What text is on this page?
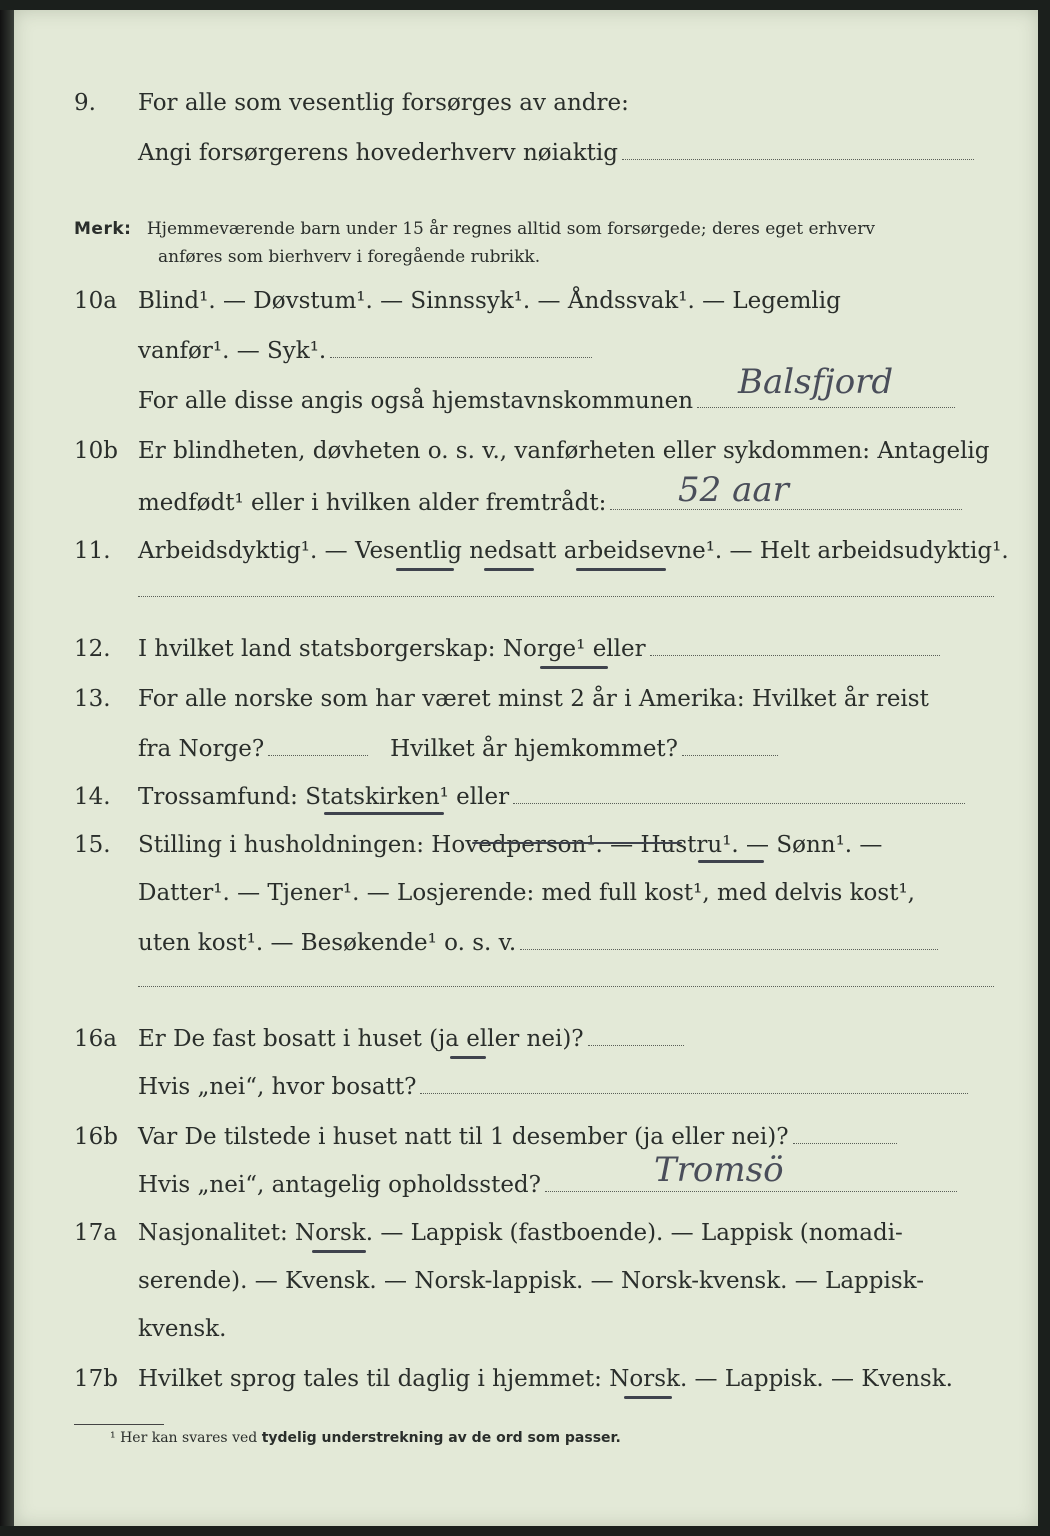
9. For alle som vesentlig forsørges av andre:
Angi forsørgerens hovederhverv nøiaktig
Merk: Hjemmeværende barn under 15 år regnes alltid som forsørgede; deres eget erhverv
anføres som bierhverv i foregående rubrikk.
10a Blind¹. — Døvstum¹. — Sinnssyk¹. — Åndssvak¹. — Legemlig
vanfør¹. — Syk¹.
For alle disse angis også hjemstavnskommunen	Balsfjord
10b Er blindheten, døvheten o. s. v., vanførheten eller sykdommen: Antagelig
medfødt¹ eller i hvilken alder fremtrådt:	52 aar
11. Arbeidsdyktig¹. — Vesentlig nedsatt arbeidsevne¹. — Helt arbeidsudyktig¹.
12. I hvilket land statsborgerskap: Norge¹ eller
13. For alle norske som har været minst 2 år i Amerika: Hvilket år reist
fra Norge?	Hvilket år hjemkommet?
14. Trossamfund: Statskirken¹ eller
15. Stilling i husholdningen: Hovedperson¹. — Hustru¹. — Sønn¹. —
Datter¹. — Tjener¹. — Losjerende: med full kost¹, med delvis kost¹,
uten kost¹. — Besøkende¹ o. s. v.
16a Er De fast bosatt i huset (ja eller nei)?
Hvis „nei“, hvor bosatt?
16b Var De tilstede i huset natt til 1 desember (ja eller nei)?
Hvis „nei“, antagelig opholdssted?	Tromsö
17a Nasjonalitet: Norsk. — Lappisk (fastboende). — Lappisk (nomadi-
serende). — Kvensk. — Norsk-lappisk. — Norsk-kvensk. — Lappisk-
kvensk.
17b Hvilket sprog tales til daglig i hjemmet: Norsk. — Lappisk. — Kvensk.
¹ Her kan svares ved tydelig understrekning av de ord som passer.
